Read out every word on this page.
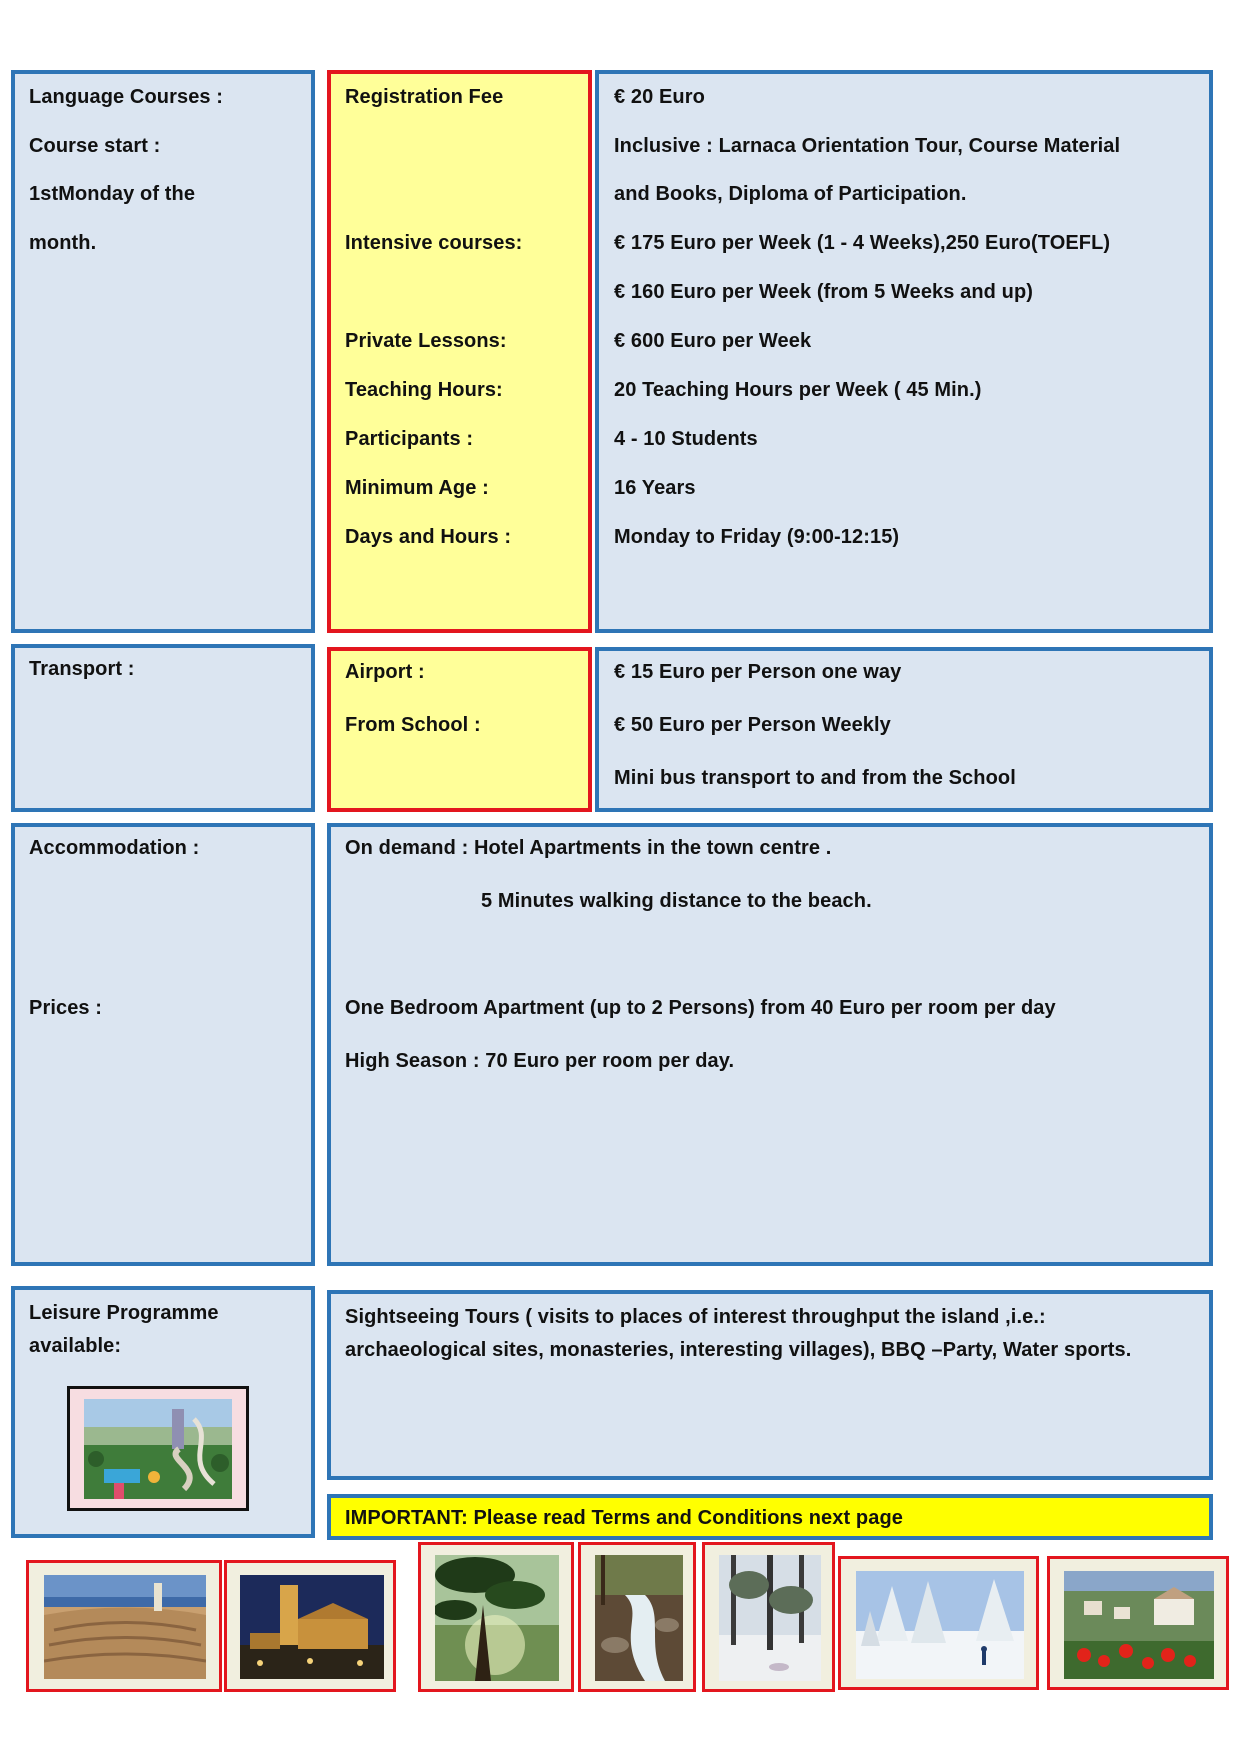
Language Courses :
Course start :
1stMonday of the
month.
Registration Fee
Intensive courses:
Private Lessons:
Teaching Hours:
Participants :
Minimum Age :
Days and Hours :
€ 20 Euro
Inclusive : Larnaca Orientation Tour, Course Material
and Books, Diploma of Participation.
€ 175 Euro per Week (1 - 4 Weeks),250 Euro(TOEFL)
€ 160 Euro per Week (from 5 Weeks and up)
€ 600 Euro per Week
20 Teaching Hours per Week ( 45 Min.)
4 - 10 Students
16 Years
Monday to Friday (9:00-12:15)
Transport :	Airport :
From School :
€ 15 Euro per Person one way
€ 50 Euro per Person Weekly
Mini bus transport to and from the School
Accommodation :
Prices :
On demand : Hotel Apartments in the town centre .
5 Minutes walking distance to the beach.
One Bedroom Apartment (up to 2 Persons) from 40 Euro per room per day
High Season : 70 Euro per room per day.
Leisure Programme
available:
Sightseeing Tours ( visits to places of interest throughput the island ,i.e.:
archaeological sites, monasteries, interesting villages), BBQ –Party, Water sports.
IMPORTANT: Please read Terms and Conditions next page
